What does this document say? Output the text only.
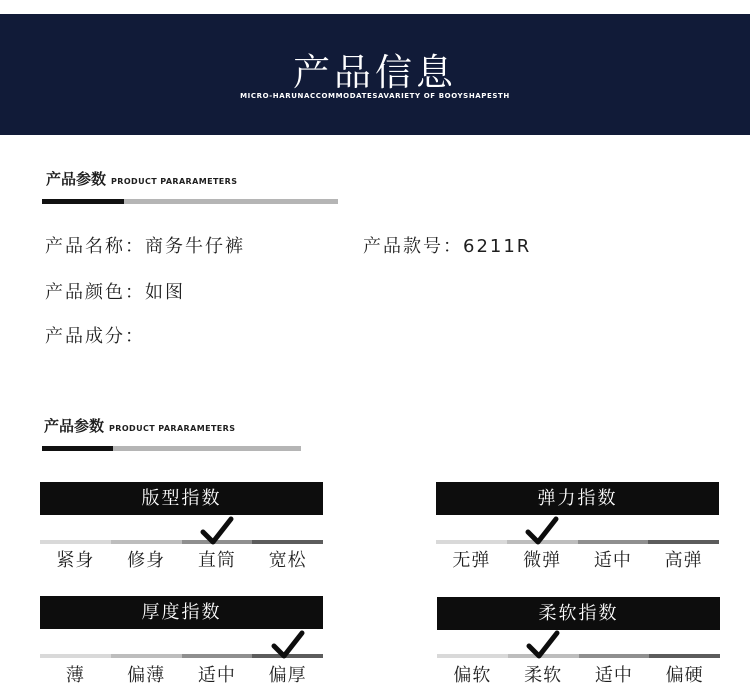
产品信息
MICRO-HARUNACCOMMODATESAVARIETY OF BOOYSHAPESTH
产品参数 PRODUCT PARARAMETERS
产品名称：商务牛仔裤	产品款号：6211R
产品颜色：如图
产品成分：
产品参数 PRODUCT PARARAMETERS
版型指数
紧身	修身	直筒	宽松
弹力指数
无弹	微弹	适中	高弹
厚度指数
薄	偏薄	适中	偏厚
柔软指数
偏软	柔软	适中	偏硬
